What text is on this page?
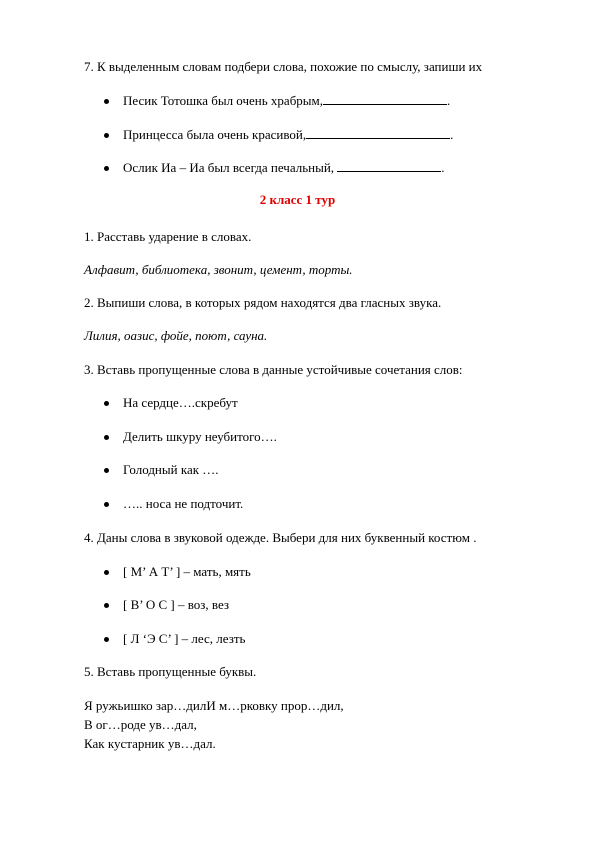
7. К выделенным словам подбери слова, похожие по смыслу, запиши их
Песик Тотошка был очень храбрым,	.
Принцесса была очень красивой,	.
Ослик Иа – Иа был всегда печальный,	.
2 класс 1 тур
1. Расставь ударение в словах.
Алфавит, библиотека, звонит, цемент, торты.
2. Выпиши слова, в которых рядом находятся два гласных звука.
Лилия, оазис, фойе, поют, сауна.
3. Вставь пропущенные слова в данные устойчивые сочетания слов:
На сердце….скребут
Делить шкуру неубитого….
Голодный как ….
….. носа не подточит.
4. Даны слова в звуковой одежде. Выбери для них буквенный костюм .
[ М’ А Т’ ] – мать, мять
[ В’ О С ] – воз, вез
[ Л ‘Э С’ ] – лес, лезть
5. Вставь пропущенные буквы.
Я ружьишко зар…дилИ м…рковку прор…дил,
В ог…роде ув…дал,
Как кустарник ув…дал.
